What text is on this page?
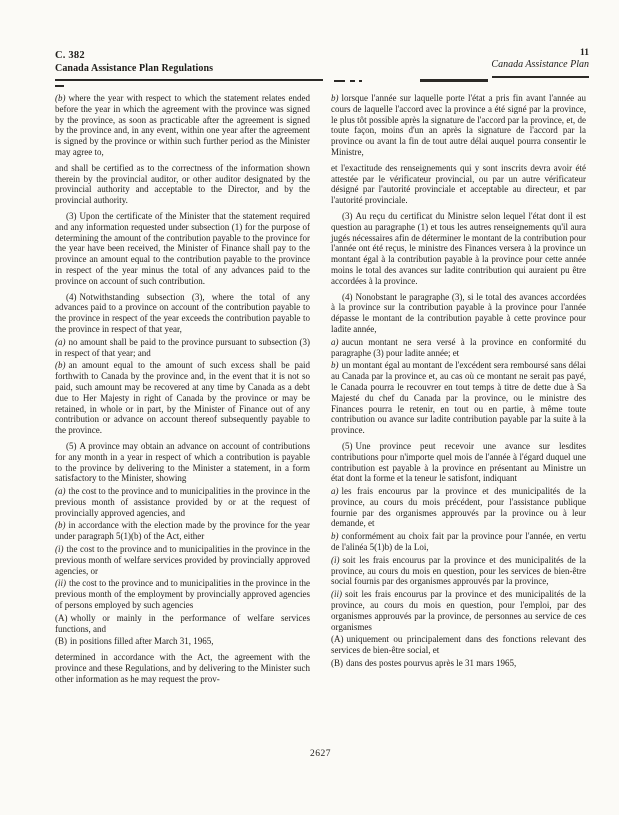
C. 382
Canada Assistance Plan Regulations
11
Canada Assistance Plan

(b) where the year with respect to which the statement relates ended before the year in which the agreement with the province was signed by the province, as soon as practicable after the agreement is signed by the province and, in any event, within one year after the agreement is signed by the province or within such further period as the Minister may agree to,

and shall be certified as to the correctness of the information shown therein by the provincial auditor, or other auditor designated by the provincial authority and acceptable to the Director, and by the provincial authority.

(3) Upon the certificate of the Minister that the statement required and any information requested under subsection (1) for the purpose of determining the amount of the contribution payable to the province for the year have been received, the Minister of Finance shall pay to the province an amount equal to the contribution payable to the province in respect of the year minus the total of any advances paid to the province on account of such contribution.

(4) Notwithstanding subsection (3), where the total of any advances paid to a province on account of the contribution payable to the province in respect of the year exceeds the contribution payable to the province in respect of that year,

(a) no amount shall be paid to the province pursuant to subsection (3) in respect of that year; and

(b) an amount equal to the amount of such excess shall be paid forthwith to Canada by the province and, in the event that it is not so paid, such amount may be recovered at any time by Canada as a debt due to Her Majesty in right of Canada by the province or may be retained, in whole or in part, by the Minister of Finance out of any contribution or advance on account thereof subsequently payable to the province.

(5) A province may obtain an advance on account of contributions for any month in a year in respect of which a contribution is payable to the province by delivering to the Minister a statement, in a form satisfactory to the Minister, showing

(a) the cost to the province and to municipalities in the province in the previous month of assistance provided by or at the request of provincially approved agencies, and

(b) in accordance with the election made by the province for the year under paragraph 5(1)(b) of the Act, either

(i) the cost to the province and to municipalities in the province in the previous month of welfare services provided by provincially approved agencies, or

(ii) the cost to the province and to municipalities in the province in the previous month of the employment by provincially approved agencies of persons employed by such agencies

(A) wholly or mainly in the performance of welfare services functions, and

(B) in positions filled after March 31, 1965,

determined in accordance with the Act, the agreement with the province and these Regulations, and by delivering to the Minister such other information as he may request the prov-

b) lorsque l'année sur laquelle porte l'état a pris fin avant l'année au cours de laquelle l'accord avec la province a été signé par la province, le plus tôt possible après la signature de l'accord par la province, et, de toute façon, moins d'un an après la signature de l'accord par la province ou avant la fin de tout autre délai auquel pourra consentir le Ministre,

et l'exactitude des renseignements qui y sont inscrits devra avoir été attestée par le vérificateur provincial, ou par un autre vérificateur désigné par l'autorité provinciale et acceptable au directeur, et par l'autorité provinciale.

(3) Au reçu du certificat du Ministre selon lequel l'état dont il est question au paragraphe (1) et tous les autres renseignements qu'il aura jugés nécessaires afin de déterminer le montant de la contribution pour l'année ont été reçus, le ministre des Finances versera à la province un montant égal à la contribution payable à la province pour cette année moins le total des avances sur ladite contribution qui auraient pu être accordées à la province.

(4) Nonobstant le paragraphe (3), si le total des avances accordées à la province sur la contribution payable à la province pour l'année dépasse le montant de la contribution payable à cette province pour ladite année,

a) aucun montant ne sera versé à la province en conformité du paragraphe (3) pour ladite année; et

b) un montant égal au montant de l'excédent sera remboursé sans délai au Canada par la province et, au cas où ce montant ne serait pas payé, le Canada pourra le recouvrer en tout temps à titre de dette due à Sa Majesté du chef du Canada par la province, ou le ministre des Finances pourra le retenir, en tout ou en partie, à même toute contribution ou avance sur ladite contribution payable par la suite à la province.

(5) Une province peut recevoir une avance sur lesdites contributions pour n'importe quel mois de l'année à l'égard duquel une contribution est payable à la province en présentant au Ministre un état dont la forme et la teneur le satisfont, indiquant

a) les frais encourus par la province et des municipalités de la province, au cours du mois précédent, pour l'assistance publique fournie par des organismes approuvés par la province ou à leur demande, et

b) conformément au choix fait par la province pour l'année, en vertu de l'alinéa 5(1)b) de la Loi,

(i) soit les frais encourus par la province et des municipalités de la province, au cours du mois en question, pour les services de bien-être social fournis par des organismes approuvés par la province,

(ii) soit les frais encourus par la province et des municipalités de la province, au cours du mois en question, pour l'emploi, par des organismes approuvés par la province, de personnes au service de ces organismes

(A) uniquement ou principalement dans des fonctions relevant des services de bien-être social, et

(B) dans des postes pourvus après le 31 mars 1965,

2627
